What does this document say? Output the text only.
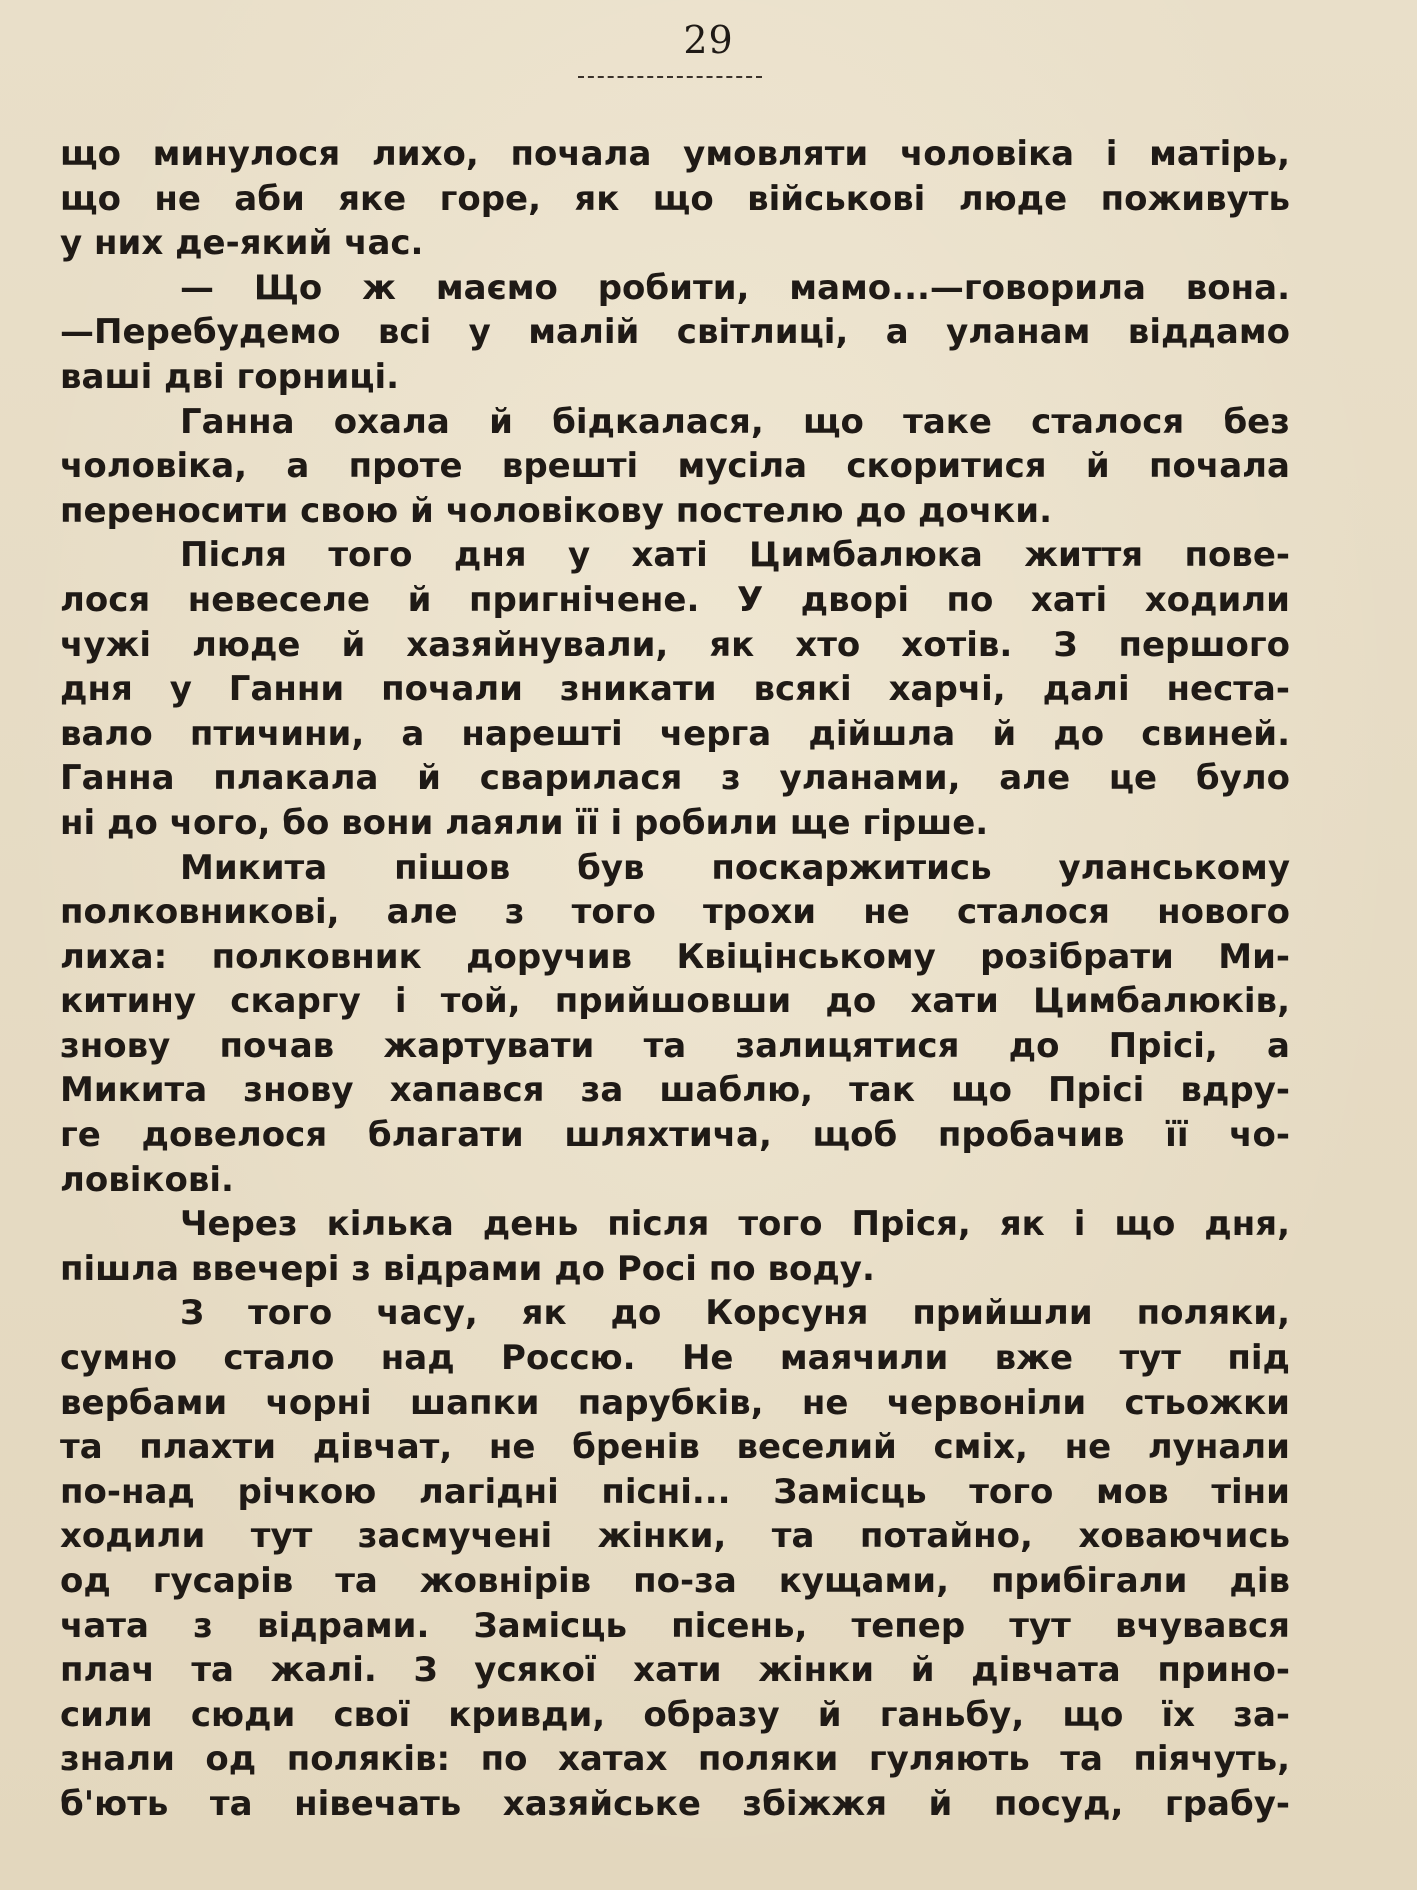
29
що минулося лихо, почала умовляти чоловіка і матірь,
що не аби яке горе, як що військові люде поживуть
у них де-який час.
— Що ж маємо робити, мамо...—говорила вона.
—Перебудемо всі у малій світлиці, а уланам віддамо
ваші дві горниці.
Ганна охала й бідкалася, що таке сталося без
чоловіка, а проте врешті мусіла скоритися й почала
переносити свою й чоловікову постелю до дочки.
Після того дня у хаті Цимбалюка життя пове-
лося невеселе й пригнічене. У дворі по хаті ходили
чужі люде й хазяйнували, як хто хотів. З першого
дня у Ганни почали зникати всякі харчі, далі неста-
вало птичини, а нарешті черга дійшла й до свиней.
Ганна плакала й сварилася з уланами, але це було
ні до чого, бо вони лаяли її і робили ще гірше.
Микита пішов був поскаржитись уланському
полковникові, але з того трохи не сталося нового
лиха: полковник доручив Квіцінському розібрати Ми-
китину скаргу і той, прийшовши до хати Цимбалюків,
знову почав жартувати та залицятися до Прісі, а
Микита знову хапався за шаблю, так що Прісі вдру-
ге довелося благати шляхтича, щоб пробачив її чо-
ловікові.
Через кілька день після того Пріся, як і що дня,
пішла ввечері з відрами до Росі по воду.
З того часу, як до Корсуня прийшли поляки,
сумно стало над Россю. Не маячили вже тут під
вербами чорні шапки парубків, не червоніли стьожки
та плахти дівчат, не бренів веселий сміх, не лунали
по-над річкою лагідні пісні... Замісць того мов тіни
ходили тут засмучені жінки, та потайно, ховаючись
од гусарів та жовнірів по-за кущами, прибігали дів
чата з відрами. Замісць пісень, тепер тут вчувався
плач та жалі. З усякої хати жінки й дівчата прино-
сили сюди свої кривди, образу й ганьбу, що їх за-
знали од поляків: по хатах поляки гуляють та піячуть,
б'ють та нівечать хазяйське збіжжя й посуд, грабу-
